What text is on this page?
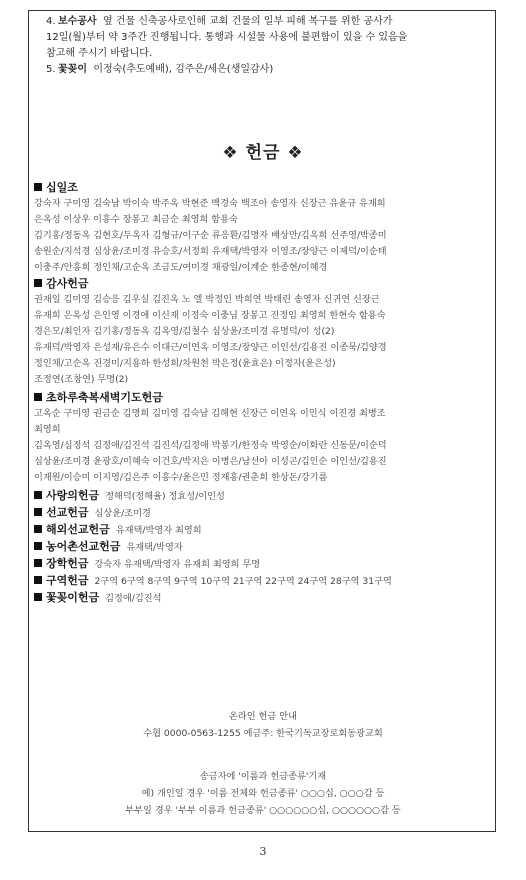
4. 보수공사 옆 건물 신축공사로인해 교회 건물의 일부 피해 복구를 위한 공사가

12일(월)부터 약 3주간 진행됩니다. 통행과 시설물 사용에 불편함이 있을 수 있음을

참고해 주시기 바랍니다.

5. 꽃꽂이 이정숙(추도예배), 김주은/세은(생일감사)

❖ 헌금 ❖
십일조
강숙자 구미영 김숙남 박이숙 박주옥 박현준 백경숙 백조아 송영자 신장근 유윤규 유재희
은옥성 이상우 이흥수 장봉고 최금순 최영희 함용숙
김기홍/정동옥 김현호/두옥자 김형규/이구순 류응환/김명자 배상만/김옥희 선주영/박종미
송원순/지석경 심상윤/조미경 유승호/서정희 유재택/박영자 이영조/장양근 이제덕/이순태
이충주/안흥희 정인채/고순옥 조금도/여미경 채광일/이계순 한종현/이혜경
감사헌금
권재일 김미영 김승응 김우실 김진옥 노 엘 박정인 박희연 박태린 송영자 신귀연 신장근
유재희 은옥성 은인영 이경애 이신재 이정숙 이충님 장봉고 진정임 최영희 한현숙 함용숙
경은모/최인자 김기홍/정동옥 김옥영/김철수 심상윤/조미경 유명덕/이 성(2)
유재덕/박영자 은성재/유은수 이대근/이연옥 이영조/장양근 이인선/김용진 이종묵/김양경
정인채/고순옥 진경미/지용하 한성희/차원천 박은정(윤효은) 이정자(윤은성)
조정연(조창연) 무명(2)
초하루축복새벽기도헌금
고옥순 구미영 권금순 김명희 김미영 김숙남 김해현 신장근 이연옥 이인식 이진경 최병조
최영희
김옥영/심정석 김정애/김진석 김진석/김정애 박봉기/한정숙 박영순/이화란 신동문/이순덕
심상윤/조미경 윤광호/이혜숙 이건호/박지은 이병은/남선아 이성곤/김인순 이인선/김용진
이재원/이승미 이지영/김은주 이흥수/윤은민 정재홍/권춘희 한상돈/강기름
사랑의헌금 정해덕(정해율) 정효성/이인성
선교헌금 심상윤/조미경
해외선교헌금 유재택/박영자 최영희
농어촌선교헌금 유재택/박영자
장학헌금 강숙자 유재택/박영자 유재희 최영희 무명
구역헌금 2구역 6구역 8구역 9구역 10구역 21구역 22구역 24구역 28구역 31구역
꽃꽂이헌금 김정애/김진석
온라인 헌금 안내
수협 0000-0563-1255 예금주: 한국기독교장로회동광교회
송금자에 '이름과 헌금종류'기재
예) 개인일 경우 '이름 전체와 헌금종류' ○○○십, ○○○감 등
부부일 경우 '부부 이름과 헌금종류' ○○○○○○십, ○○○○○○감 등
3
